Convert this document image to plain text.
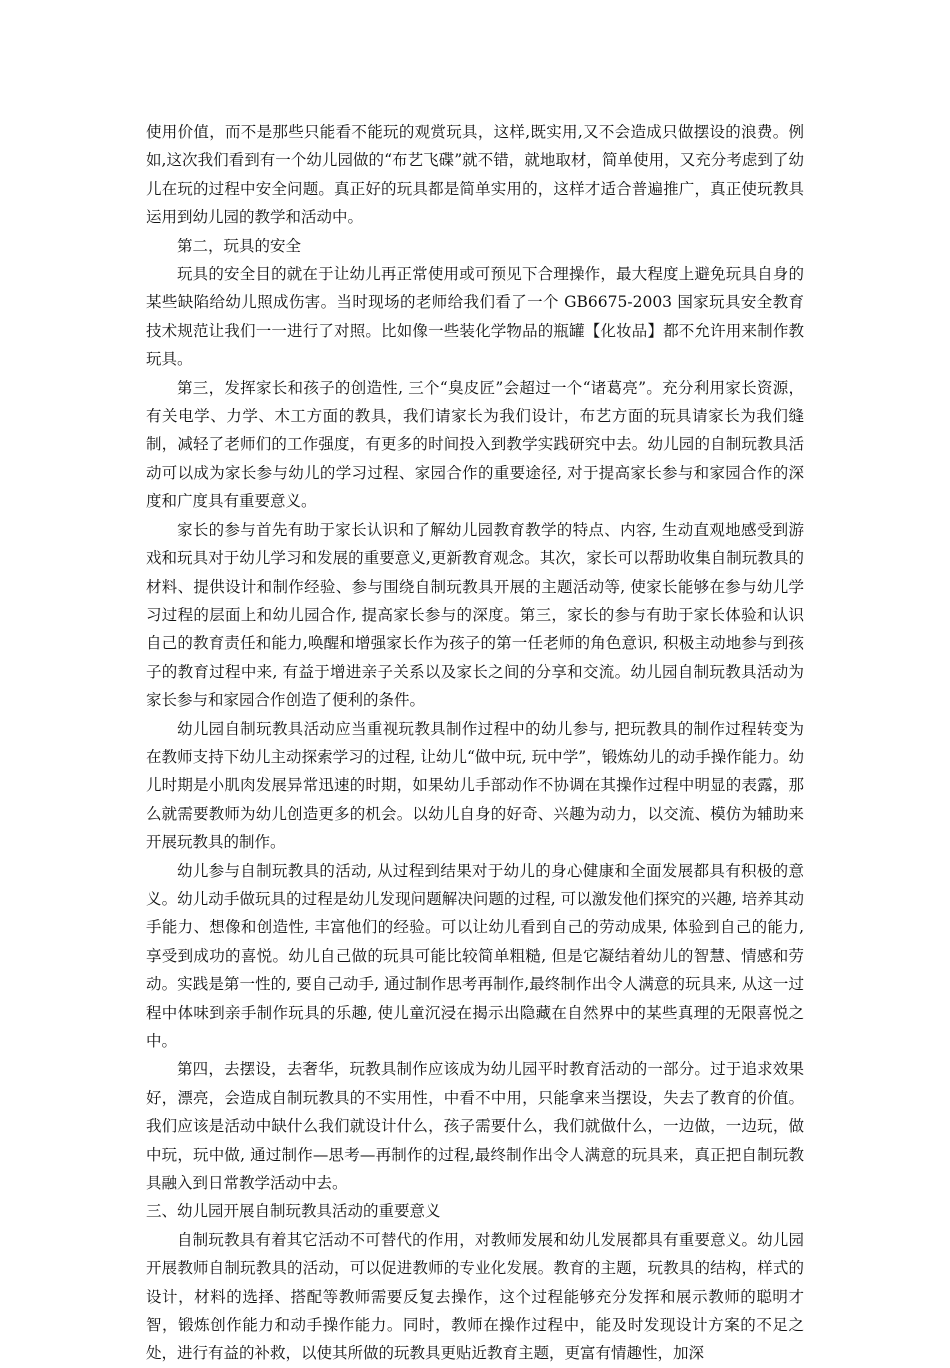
使用价值，而不是那些只能看不能玩的观赏玩具，这样,既实用,又不会造成只做摆设的浪费。例如,这次我们看到有一个幼儿园做的“布艺飞碟”就不错，就地取材，简单使用，又充分考虑到了幼儿在玩的过程中安全问题。真正好的玩具都是简单实用的，这样才适合普遍推广，真正使玩教具运用到幼儿园的教学和活动中。

第二，玩具的安全

玩具的安全目的就在于让幼儿再正常使用或可预见下合理操作，最大程度上避免玩具自身的某些缺陷给幼儿照成伤害。当时现场的老师给我们看了一个 GB6675-2003 国家玩具安全教育技术规范让我们一一进行了对照。比如像一些装化学物品的瓶罐【化妆品】都不允许用来制作教玩具。

第三，发挥家长和孩子的创造性, 三个“臭皮匠”会超过一个“诸葛亮”。充分利用家长资源，有关电学、力学、木工方面的教具，我们请家长为我们设计，布艺方面的玩具请家长为我们缝制，减轻了老师们的工作强度，有更多的时间投入到教学实践研究中去。幼儿园的自制玩教具活动可以成为家长参与幼儿的学习过程、家园合作的重要途径, 对于提高家长参与和家园合作的深度和广度具有重要意义。

家长的参与首先有助于家长认识和了解幼儿园教育教学的特点、内容, 生动直观地感受到游戏和玩具对于幼儿学习和发展的重要意义,更新教育观念。其次，家长可以帮助收集自制玩教具的材料、提供设计和制作经验、参与围绕自制玩教具开展的主题活动等, 使家长能够在参与幼儿学习过程的层面上和幼儿园合作, 提高家长参与的深度。第三，家长的参与有助于家长体验和认识自己的教育责任和能力,唤醒和增强家长作为孩子的第一任老师的角色意识, 积极主动地参与到孩子的教育过程中来, 有益于增进亲子关系以及家长之间的分享和交流。幼儿园自制玩教具活动为家长参与和家园合作创造了便利的条件。

幼儿园自制玩教具活动应当重视玩教具制作过程中的幼儿参与, 把玩教具的制作过程转变为在教师支持下幼儿主动探索学习的过程, 让幼儿“做中玩, 玩中学”，锻炼幼儿的动手操作能力。幼儿时期是小肌肉发展异常迅速的时期，如果幼儿手部动作不协调在其操作过程中明显的表露，那么就需要教师为幼儿创造更多的机会。以幼儿自身的好奇、兴趣为动力，以交流、模仿为辅助来开展玩教具的制作。

幼儿参与自制玩教具的活动, 从过程到结果对于幼儿的身心健康和全面发展都具有积极的意义。幼儿动手做玩具的过程是幼儿发现问题解决问题的过程, 可以激发他们探究的兴趣, 培养其动手能力、想像和创造性, 丰富他们的经验。可以让幼儿看到自己的劳动成果, 体验到自己的能力, 享受到成功的喜悦。幼儿自己做的玩具可能比较简单粗糙, 但是它凝结着幼儿的智慧、情感和劳动。实践是第一性的, 要自己动手, 通过制作思考再制作,最终制作出令人满意的玩具来, 从这一过程中体味到亲手制作玩具的乐趣, 使儿童沉浸在揭示出隐藏在自然界中的某些真理的无限喜悦之中。

第四，去摆设，去奢华，玩教具制作应该成为幼儿园平时教育活动的一部分。过于追求效果好，漂亮，会造成自制玩教具的不实用性，中看不中用，只能拿来当摆设，失去了教育的价值。我们应该是活动中缺什么我们就设计什么，孩子需要什么，我们就做什么，一边做，一边玩，做中玩，玩中做, 通过制作—思考—再制作的过程,最终制作出令人满意的玩具来，真正把自制玩教具融入到日常教学活动中去。

三、幼儿园开展自制玩教具活动的重要意义

自制玩教具有着其它活动不可替代的作用，对教师发展和幼儿发展都具有重要意义。幼儿园开展教师自制玩教具的活动，可以促进教师的专业化发展。教育的主题，玩教具的结构，样式的设计，材料的选择、搭配等教师需要反复去操作，这个过程能够充分发挥和展示教师的聪明才智，锻炼创作能力和动手操作能力。同时，教师在操作过程中，能及时发现设计方案的不足之处，进行有益的补救，以使其所做的玩教具更贴近教育主题，更富有情趣性，加深
